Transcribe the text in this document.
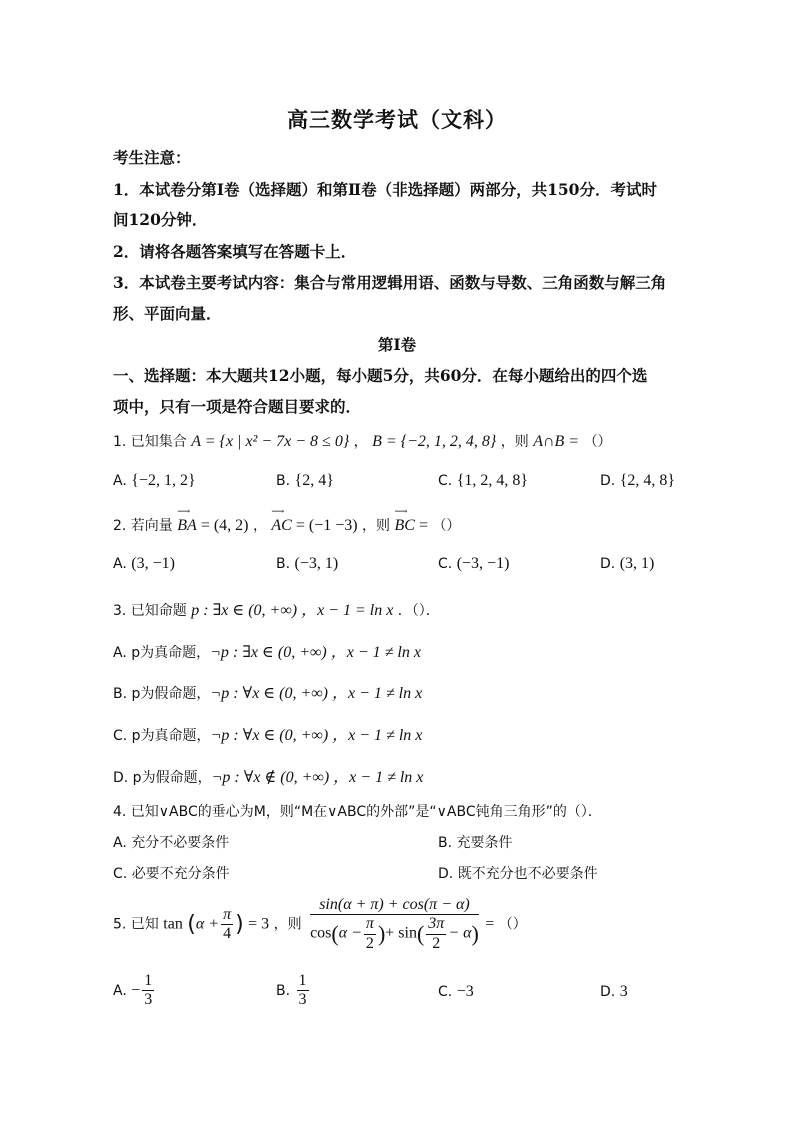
高三数学考试（文科）
考生注意：
1．本试卷分第Ⅰ卷（选择题）和第Ⅱ卷（非选择题）两部分，共150分．考试时
间120分钟．
2．请将各题答案填写在答题卡上．
3．本试卷主要考试内容：集合与常用逻辑用语、函数与导数、三角函数与解三角
形、平面向量．
第Ⅰ卷
一、选择题：本大题共12小题，每小题5分，共60分．在每小题给出的四个选
项中，只有一项是符合题目要求的．
1. 已知集合 A = {x | x² − 7x − 8 ≤ 0} ， B = {−2, 1, 2, 4, 8} ，则 A∩B = （）
A. {−2, 1, 2}	B. {2, 4}	C. {1, 2, 4, 8}	D. {2, 4, 8}
2. 若向量 ⟶ BA = (4, 2) ， ⟶ AC = (−1 −3) ，则 ⟶ BC = （）
A. (3, −1)	B. (−3, 1)	C. (−3, −1)	D. (3, 1)
3. 已知命题 p : ∃x ∈ (0, +∞) ，x − 1 = ln x ．（）．
A. p为真命题，¬p : ∃x ∈ (0, +∞) ，x − 1 ≠ ln x
B. p为假命题，¬p : ∀x ∈ (0, +∞) ，x − 1 ≠ ln x
C. p为真命题，¬p : ∀x ∈ (0, +∞) ，x − 1 ≠ ln x
D. p为假命题，¬p : ∀x ∉ (0, +∞) ，x − 1 ≠ ln x
4. 已知∨ABC的垂心为M，则“M在∨ABC的外部”是“∨ABC钝角三角形”的（）．
A. 充分不必要条件	B. 充要条件
C. 必要不充分条件	D. 既不充分也不必要条件
5. 已知 $\tan (\alpha + \frac{\pi}{4}$ ) = 3 ，则 $\frac{\sin(\alpha + \pi) + \cos(\pi - \alpha)}{\cos(\alpha - \frac{\pi}{2} )+ \sin( \frac{3\pi}{2} - \alpha)}$ = （）
A. − $\frac{1}{3}$	B. $\frac{1}{3}$	C. −3	D. 3
